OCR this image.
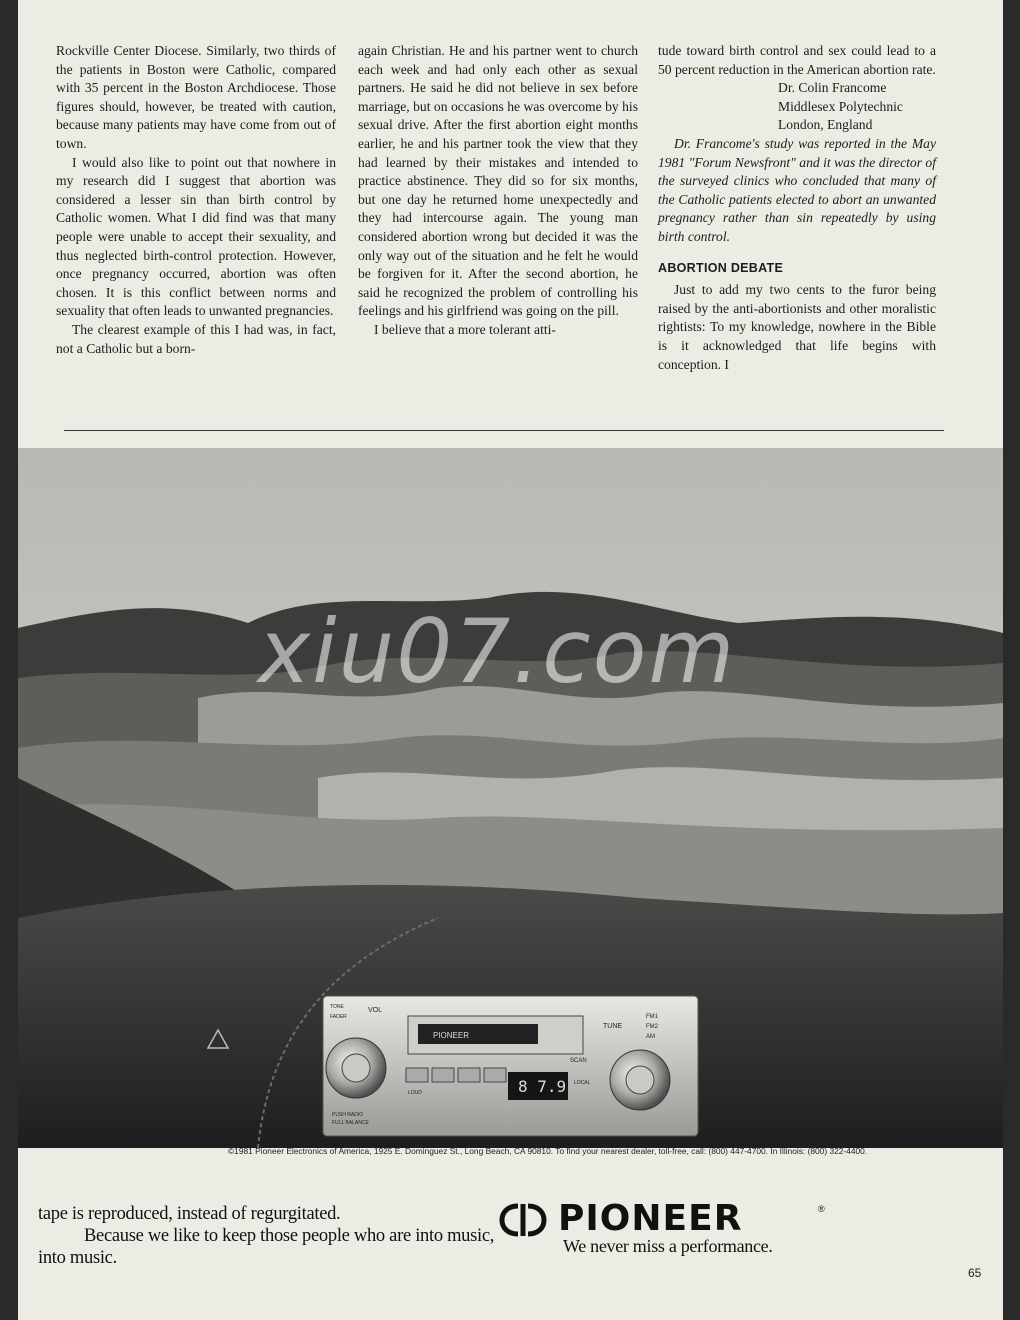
Rockville Center Diocese. Similarly, two thirds of the patients in Boston were Catholic, compared with 35 percent in the Boston Archdiocese. Those figures should, however, be treated with caution, because many patients may have come from out of town.

I would also like to point out that nowhere in my research did I suggest that abortion was considered a lesser sin than birth control by Catholic women. What I did find was that many people were unable to accept their sexuality, and thus neglected birth-control protection. However, once pregnancy occurred, abortion was often chosen. It is this conflict between norms and sexuality that often leads to unwanted pregnancies.

The clearest example of this I had was, in fact, not a Catholic but a born-

again Christian. He and his partner went to church each week and had only each other as sexual partners. He said he did not believe in sex before marriage, but on occasions he was overcome by his sexual drive. After the first abortion eight months earlier, he and his partner took the view that they had learned by their mistakes and intended to practice abstinence. They did so for six months, but one day he returned home unexpectedly and they had intercourse again. The young man considered abortion wrong but decided it was the only way out of the situation and he felt he would be forgiven for it. After the second abortion, he said he recognized the problem of controlling his feelings and his girlfriend was going on the pill.

I believe that a more tolerant atti-

tude toward birth control and sex could lead to a 50 percent reduction in the American abortion rate.

Dr. Colin Francome
Middlesex Polytechnic
London, England

Dr. Francome's study was reported in the May 1981 "Forum Newsfront" and it was the director of the surveyed clinics who concluded that many of the Catholic patients elected to abort an unwanted pregnancy rather than sin repeatedly by using birth control.

ABORTION DEBATE

Just to add my two cents to the furor being raised by the anti-abortionists and other moralistic rightists: To my knowledge, nowhere in the Bible is it acknowledged that life begins with conception. I

PIONEER
VOL
TONE
FADER
TUNE
FM1
FM2
AM
SCAN
8 7.9
LOUD
LOCAL
PUSH RADIO
FULL BALANCE
xiu07.com
©1981 Pioneer Electronics of America, 1925 E. Dominguez St., Long Beach, CA 90810. To find your nearest dealer, toll-free, call: (800) 447-4700. In Illinois: (800) 322-4400.

tape is reproduced, instead of regurgitated.

Because we like to keep those people who are into music, into music.

PIONEER	®
We never miss a performance.
65
